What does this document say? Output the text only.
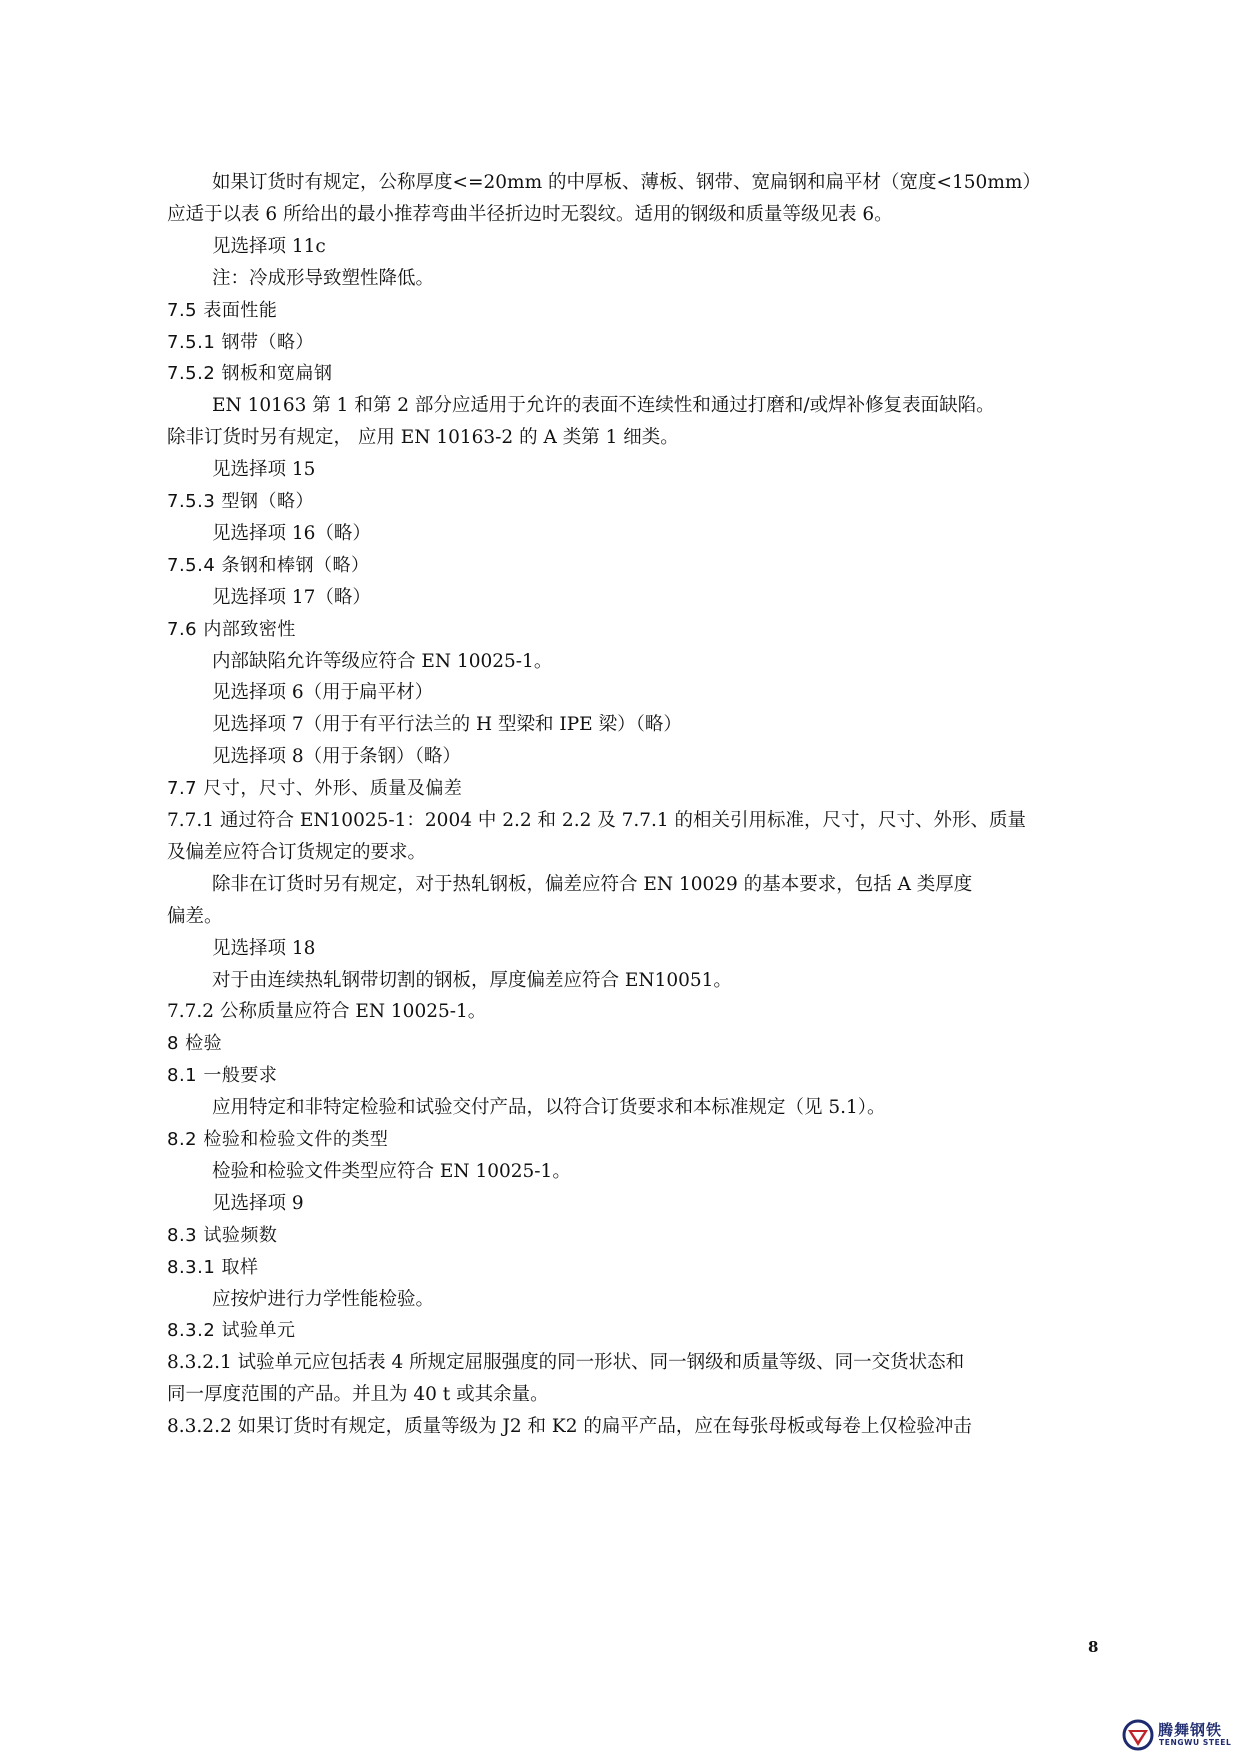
如果订货时有规定，公称厚度<=20mm 的中厚板、薄板、钢带、宽扁钢和扁平材（宽度<150mm）
应适于以表 6 所给出的最小推荐弯曲半径折边时无裂纹。适用的钢级和质量等级见表 6。
见选择项 11c
注：冷成形导致塑性降低。
7.5 表面性能
7.5.1 钢带（略）
7.5.2 钢板和宽扁钢
EN 10163 第 1 和第 2 部分应适用于允许的表面不连续性和通过打磨和/或焊补修复表面缺陷。
除非订货时另有规定， 应用 EN 10163-2 的 A 类第 1 细类。
见选择项 15
7.5.3 型钢（略）
见选择项 16（略）
7.5.4 条钢和棒钢（略）
见选择项 17（略）
7.6 内部致密性
内部缺陷允许等级应符合 EN 10025-1。
见选择项 6（用于扁平材）
见选择项 7（用于有平行法兰的 H 型梁和 IPE 梁）（略）
见选择项 8（用于条钢）（略）
7.7 尺寸，尺寸、外形、质量及偏差
7.7.1 通过符合 EN10025-1：2004 中 2.2 和 2.2 及 7.7.1 的相关引用标准，尺寸，尺寸、外形、质量
及偏差应符合订货规定的要求。
除非在订货时另有规定，对于热轧钢板，偏差应符合 EN 10029 的基本要求，包括 A 类厚度
偏差。
见选择项 18
对于由连续热轧钢带切割的钢板，厚度偏差应符合 EN10051。
7.7.2 公称质量应符合 EN 10025-1。
8 检验
8.1 一般要求
应用特定和非特定检验和试验交付产品，以符合订货要求和本标准规定（见 5.1）。
8.2 检验和检验文件的类型
检验和检验文件类型应符合 EN 10025-1。
见选择项 9
8.3 试验频数
8.3.1 取样
应按炉进行力学性能检验。
8.3.2 试验单元
8.3.2.1 试验单元应包括表 4 所规定屈服强度的同一形状、同一钢级和质量等级、同一交货状态和
同一厚度范围的产品。并且为 40 t 或其余量。
8.3.2.2 如果订货时有规定，质量等级为 J2 和 K2 的扁平产品，应在每张母板或每卷上仅检验冲击
8
腾舞钢铁
TENGWU STEEL
